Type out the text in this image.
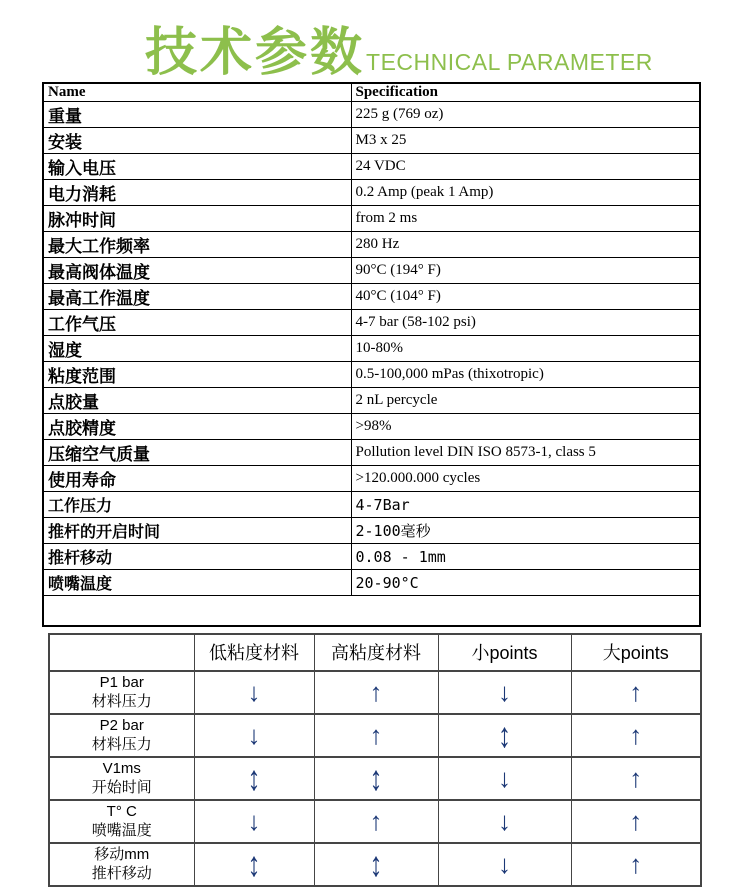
技术参数TECHNICAL PARAMETER
Name	Specification
重量	225 g (769 oz)
安装	M3 x 25
输入电压	24 VDC
电力消耗	0.2 Amp (peak 1 Amp)
脉冲时间	from 2 ms
最大工作频率	280 Hz
最高阀体温度	90°C (194° F)
最高工作温度	40°C (104° F)
工作气压	4-7 bar (58-102 psi)
湿度	10-80%
粘度范围	0.5-100,000 mPas (thixotropic)
点胶量	2 nL percycle
点胶精度	>98%
压缩空气质量	Pollution level DIN ISO 8573-1, class 5
使用寿命	>120.000.000 cycles
工作压力	4-7Bar
推杆的开启时间	2-100毫秒
推杆移动	0.08 - 1mm
喷嘴温度	20-90°C

	低粘度材料	高粘度材料	小points	大points

P1 bar
材料压力	↓	↑	↓	↑

P2 bar
材料压力	↓	↑	↕	↑

V1ms
开始时间	↕	↕	↓	↑

T° C
喷嘴温度	↓	↑	↓	↑

移动mm
推杆移动	↕	↕	↓	↑
